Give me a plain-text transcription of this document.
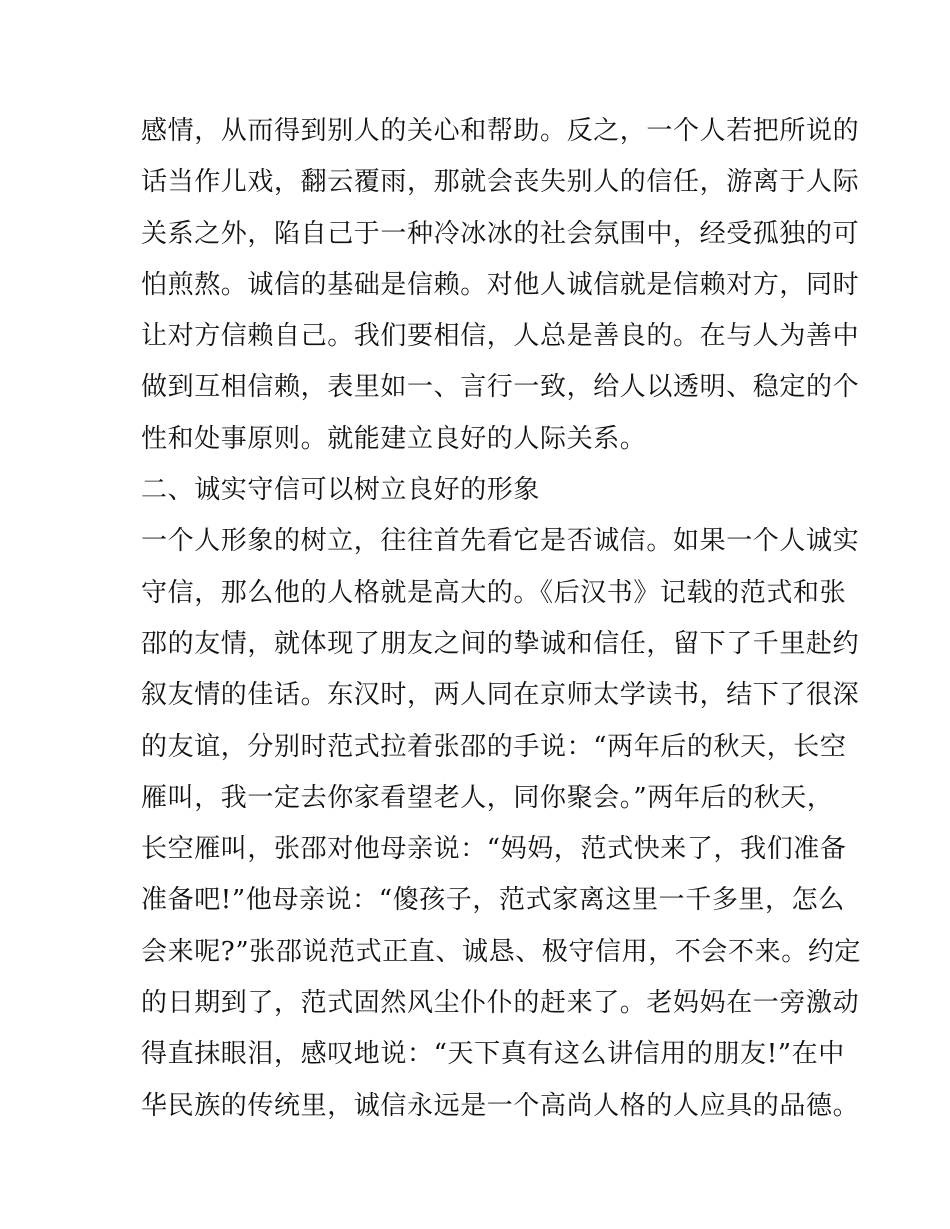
感情，从而得到别人的关心和帮助。反之，一个人若把所说的
话当作儿戏，翻云覆雨，那就会丧失别人的信任，游离于人际
关系之外，陷自己于一种冷冰冰的社会氛围中，经受孤独的可
怕煎熬。诚信的基础是信赖。对他人诚信就是信赖对方，同时
让对方信赖自己。我们要相信，人总是善良的。在与人为善中
做到互相信赖，表里如一、言行一致，给人以透明、稳定的个
性和处事原则。就能建立良好的人际关系。
二、诚实守信可以树立良好的形象
一个人形象的树立，往往首先看它是否诚信。如果一个人诚实
守信，那么他的人格就是高大的。《后汉书》记载的范式和张
邵的友情，就体现了朋友之间的挚诚和信任，留下了千里赴约
叙友情的佳话。东汉时，两人同在京师太学读书，结下了很深
的友谊，分别时范式拉着张邵的手说：“两年后的秋天，长空
雁叫，我一定去你家看望老人，同你聚会。”两年后的秋天，
长空雁叫，张邵对他母亲说：“妈妈，范式快来了，我们准备
准备吧!”他母亲说：“傻孩子，范式家离这里一千多里，怎么
会来呢?”张邵说范式正直、诚恳、极守信用，不会不来。约定
的日期到了，范式固然风尘仆仆的赶来了。老妈妈在一旁激动
得直抹眼泪，感叹地说：“天下真有这么讲信用的朋友!”在中
华民族的传统里，诚信永远是一个高尚人格的人应具的品德。
